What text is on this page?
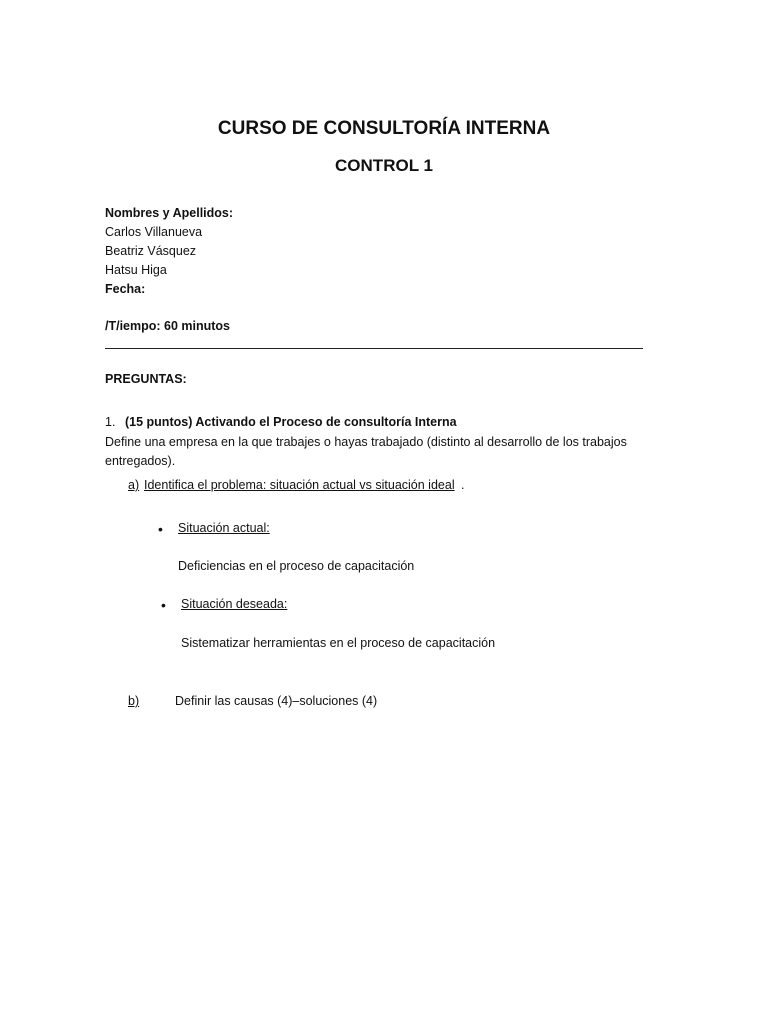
CURSO DE CONSULTORÍA INTERNA
CONTROL 1
Nombres y Apellidos:
Carlos Villanueva
Beatriz Vásquez
Hatsu Higa
Fecha:
/T/iempo: 60 minutos
PREGUNTAS:
1. (15 puntos) Activando el Proceso de consultoría Interna
Define una empresa en la que trabajes o hayas trabajado (distinto al desarrollo de los trabajos
entregados).
a) Identifica el problema: situación actual vs situación ideal .
• Situación actual:
Deficiencias en el proceso de capacitación
• Situación deseada:
Sistematizar herramientas en el proceso de capacitación
b)	Definir las causas (4)–soluciones (4)
